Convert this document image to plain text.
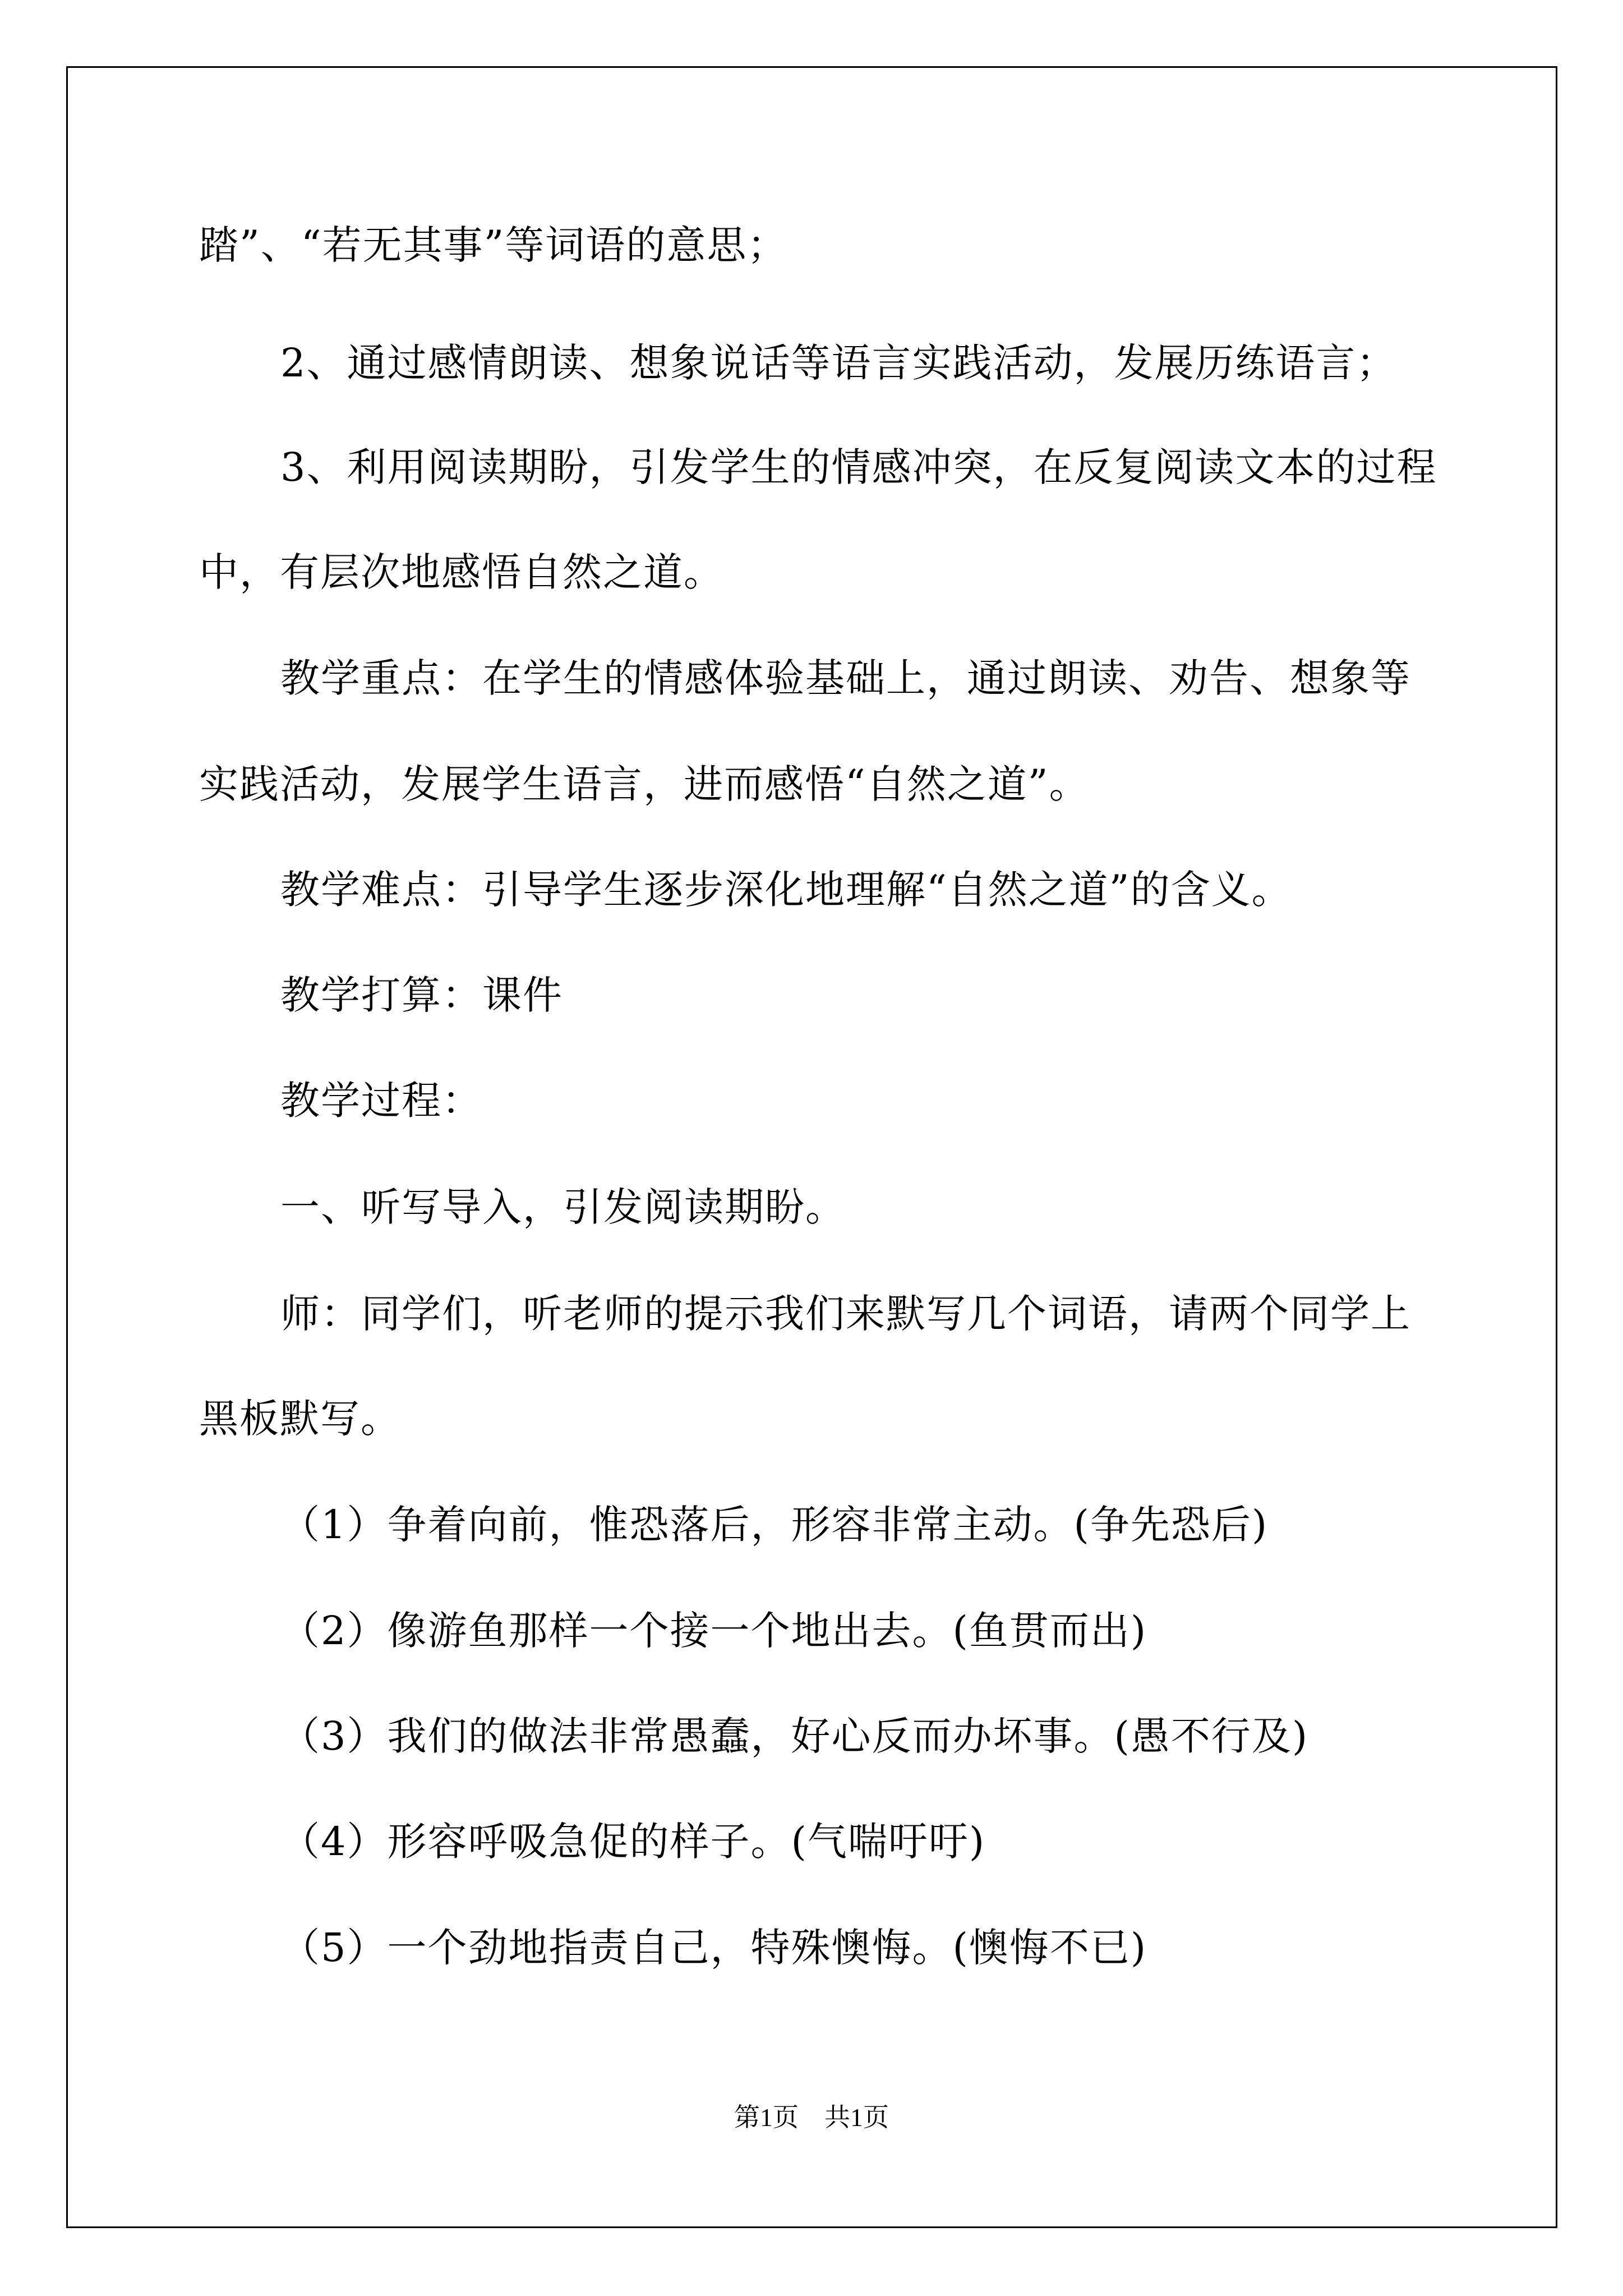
踏”、“若无其事”等词语的意思；
2、通过感情朗读、想象说话等语言实践活动，发展历练语言；
3、利用阅读期盼，引发学生的情感冲突，在反复阅读文本的过程
中，有层次地感悟自然之道。
教学重点：在学生的情感体验基础上，通过朗读、劝告、想象等
实践活动，发展学生语言，进而感悟“自然之道”。
教学难点：引导学生逐步深化地理解“自然之道”的含义。
教学打算：课件
教学过程：
一、听写导入，引发阅读期盼。
师：同学们，听老师的提示我们来默写几个词语，请两个同学上
黑板默写。
（1）争着向前，惟恐落后，形容非常主动。(争先恐后)
（2）像游鱼那样一个接一个地出去。(鱼贯而出)
（3）我们的做法非常愚蠢，好心反而办坏事。(愚不行及)
（4）形容呼吸急促的样子。(气喘吁吁)
（5）一个劲地指责自己，特殊懊悔。(懊悔不已)
第1页　共1页
